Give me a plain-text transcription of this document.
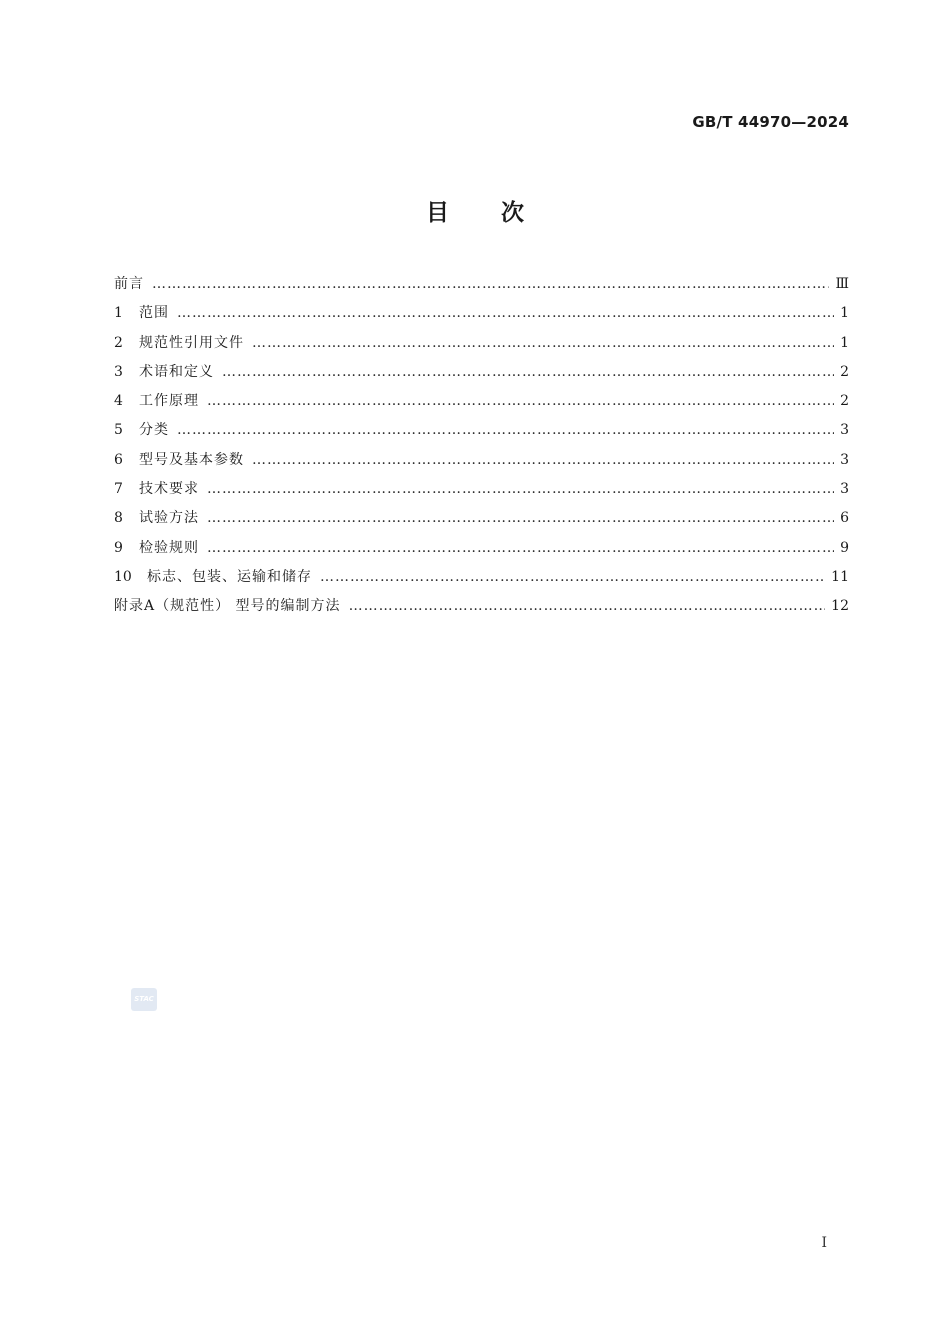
GB/T 44970—2024
目次
前言 …………………………………………………………………………………………………………………………………………………………………………………………………………	Ⅲ
1	范围 …………………………………………………………………………………………………………………………………………………………………………………………………………	1
2	规范性引用文件 …………………………………………………………………………………………………………………………………………………………………………………………………………	1
3	术语和定义 …………………………………………………………………………………………………………………………………………………………………………………………………………	2
4	工作原理 …………………………………………………………………………………………………………………………………………………………………………………………………………	2
5	分类 …………………………………………………………………………………………………………………………………………………………………………………………………………	3
6	型号及基本参数 …………………………………………………………………………………………………………………………………………………………………………………………………………	3
7	技术要求 …………………………………………………………………………………………………………………………………………………………………………………………………………	3
8	试验方法 …………………………………………………………………………………………………………………………………………………………………………………………………………	6
9	检验规则 …………………………………………………………………………………………………………………………………………………………………………………………………………	9
10	标志、包装、运输和储存 …………………………………………………………………………………………………………………………………………………………………………………………………………	11
附录A（规范性） 型号的编制方法 …………………………………………………………………………………………………………………………………………………………………………………………………………	12
STAC
I
